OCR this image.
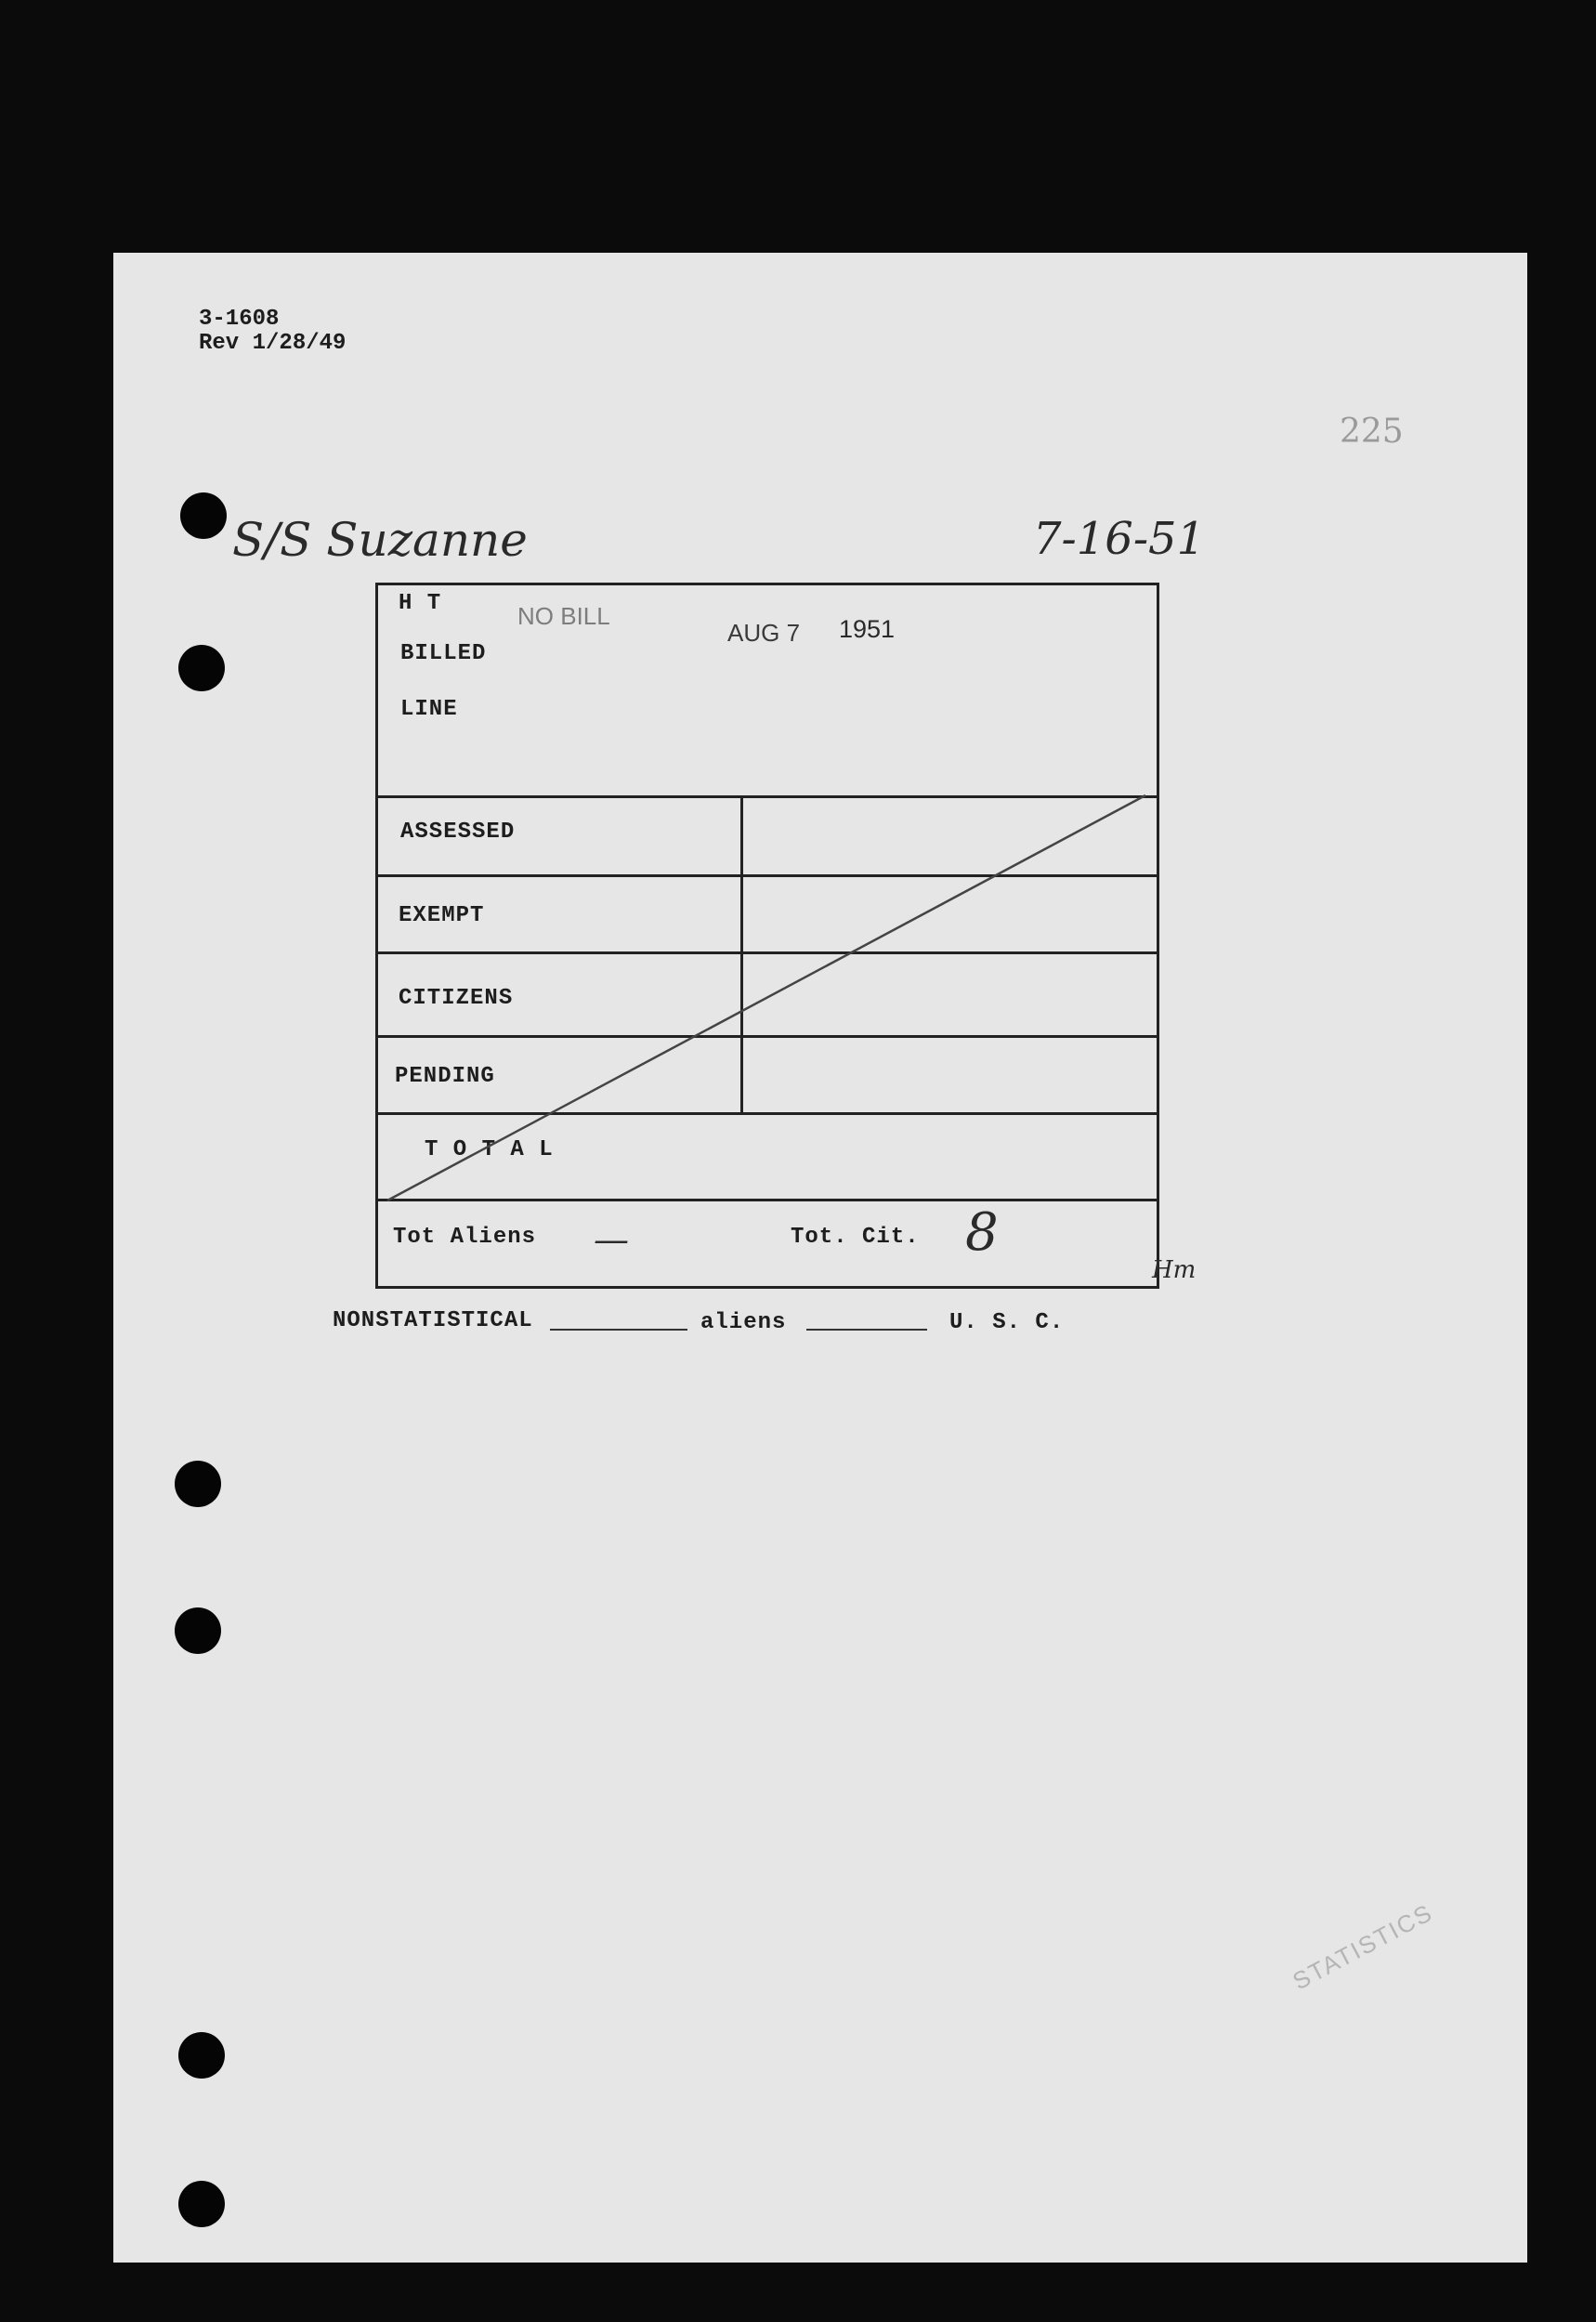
3-1608
Rev 1/28/49
225
S/S Suzanne	7-16-51
H T
BILLED
LINE
NO BILL
AUG 7 1951
ASSESSED
EXEMPT
CITIZENS
PENDING
T O T A L
Tot Aliens —	Tot. Cit. 8
Hm
NONSTATISTICAL	aliens	U. S. C.
STATISTICS
